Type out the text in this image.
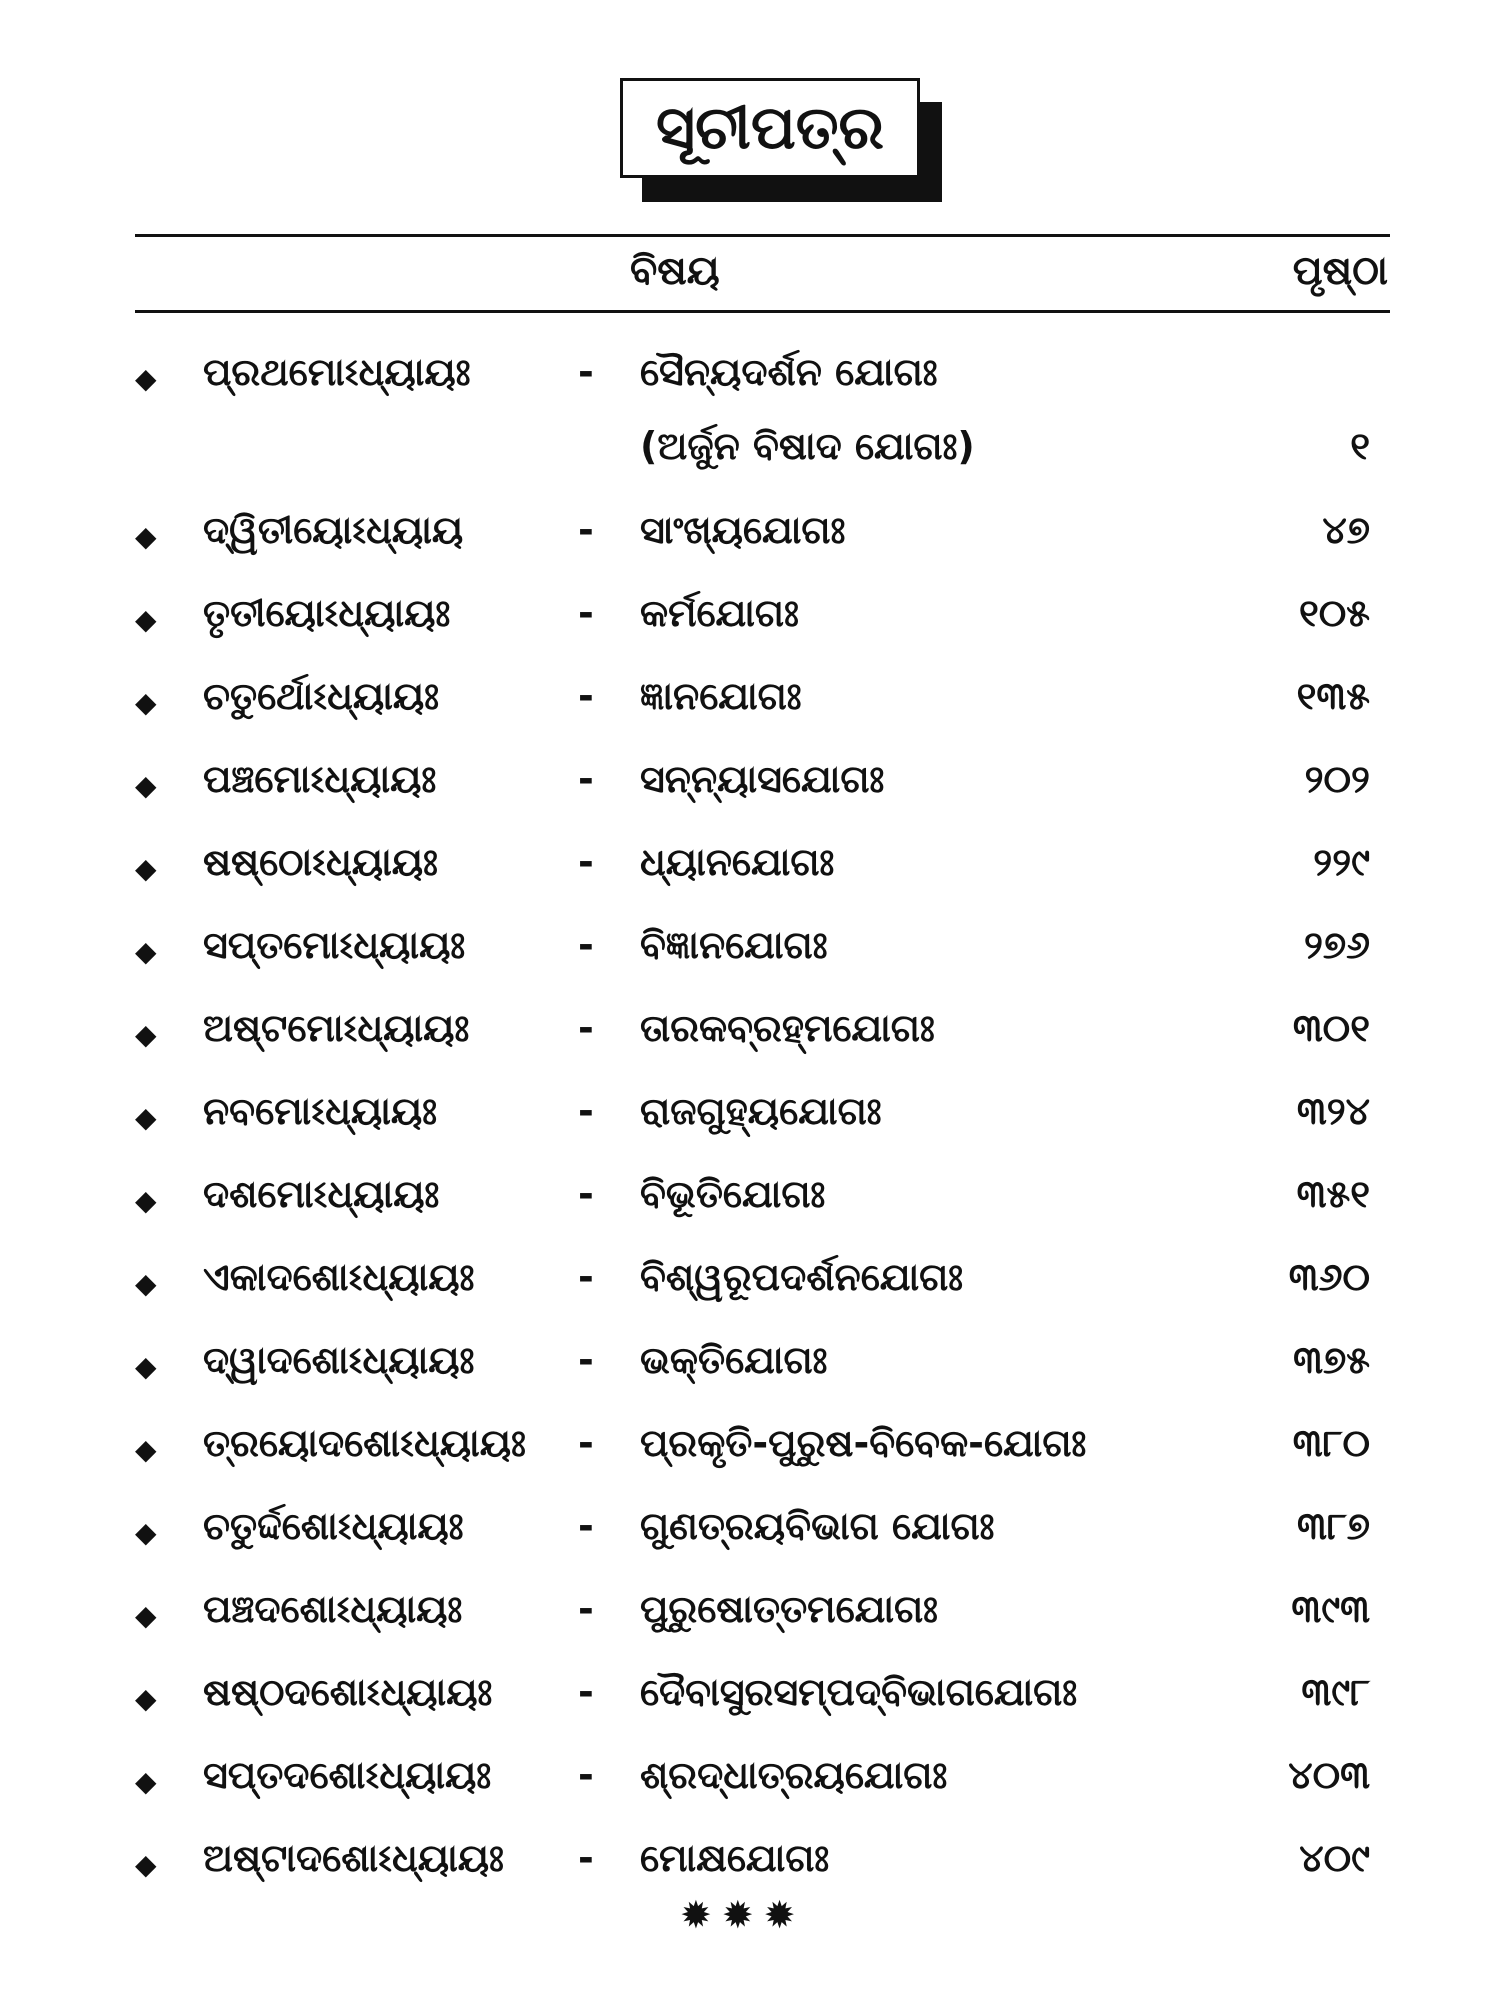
ସୂଚୀପତ୍ର
ବିଷୟ	ପୃଷ୍ଠା
◆ ପ୍ରଥମୋଽଧ୍ୟାୟଃ	- ସୈନ୍ୟଦର୍ଶନ ଯୋଗଃ
(ଅର୍ଜୁନ ବିଷାଦ ଯୋଗଃ)	୧
◆ ଦ୍ୱିତୀୟୋଽଧ୍ୟାୟ	- ସାଂଖ୍ୟଯୋଗଃ	୪୭
◆ ତୃତୀୟୋଽଧ୍ୟାୟଃ	- କର୍ମଯୋଗଃ	୧୦୫
◆ ଚତୁର୍ଥୋଽଧ୍ୟାୟଃ	- ଜ୍ଞାନଯୋଗଃ	୧୩୫
◆ ପଞ୍ଚମୋଽଧ୍ୟାୟଃ	- ସନ୍ନ୍ୟାସଯୋଗଃ	୨୦୨
◆ ଷଷ୍ଠୋଽଧ୍ୟାୟଃ	- ଧ୍ୟାନଯୋଗଃ	୨୨୯
◆ ସପ୍ତମୋଽଧ୍ୟାୟଃ	- ବିଜ୍ଞାନଯୋଗଃ	୨୭୬
◆ ଅଷ୍ଟମୋଽଧ୍ୟାୟଃ	- ତାରକବ୍ରହ୍ମଯୋଗଃ	୩୦୧
◆ ନବମୋଽଧ୍ୟାୟଃ	- ରାଜଗୁହ୍ୟଯୋଗଃ	୩୨୪
◆ ଦଶମୋଽଧ୍ୟାୟଃ	- ବିଭୂତିଯୋଗଃ	୩୫୧
◆ ଏକାଦଶୋଽଧ୍ୟାୟଃ	- ବିଶ୍ୱରୂପଦର୍ଶନଯୋଗଃ	୩୬୦
◆ ଦ୍ୱାଦଶୋଽଧ୍ୟାୟଃ	- ଭକ୍ତିଯୋଗଃ	୩୭୫
◆ ତ୍ରୟୋଦଶୋଽଧ୍ୟାୟଃ - ପ୍ରକୃତି-ପୁରୁଷ-ବିବେକ-ଯୋଗଃ	୩୮୦
◆ ଚତୁର୍ଦ୍ଦଶୋଽଧ୍ୟାୟଃ	- ଗୁଣତ୍ରୟବିଭାଗ ଯୋଗଃ	୩୮୭
◆ ପଞ୍ଚଦଶୋଽଧ୍ୟାୟଃ	- ପୁରୁଷୋତ୍ତମଯୋଗଃ	୩୯୩
◆ ଷଷ୍ଠଦଶୋଽଧ୍ୟାୟଃ - ଦୈବାସୁରସମ୍ପଦ୍‌ବିଭାଗଯୋଗଃ	୩୯୮
◆ ସପ୍ତଦଶୋଽଧ୍ୟାୟଃ - ଶ୍ରଦ୍ଧାତ୍ରୟଯୋଗଃ	୪୦୩
◆ ଅଷ୍ଟାଦଶୋଽଧ୍ୟାୟଃ - ମୋକ୍ଷଯୋଗଃ	୪୦୯
✹✹✹
